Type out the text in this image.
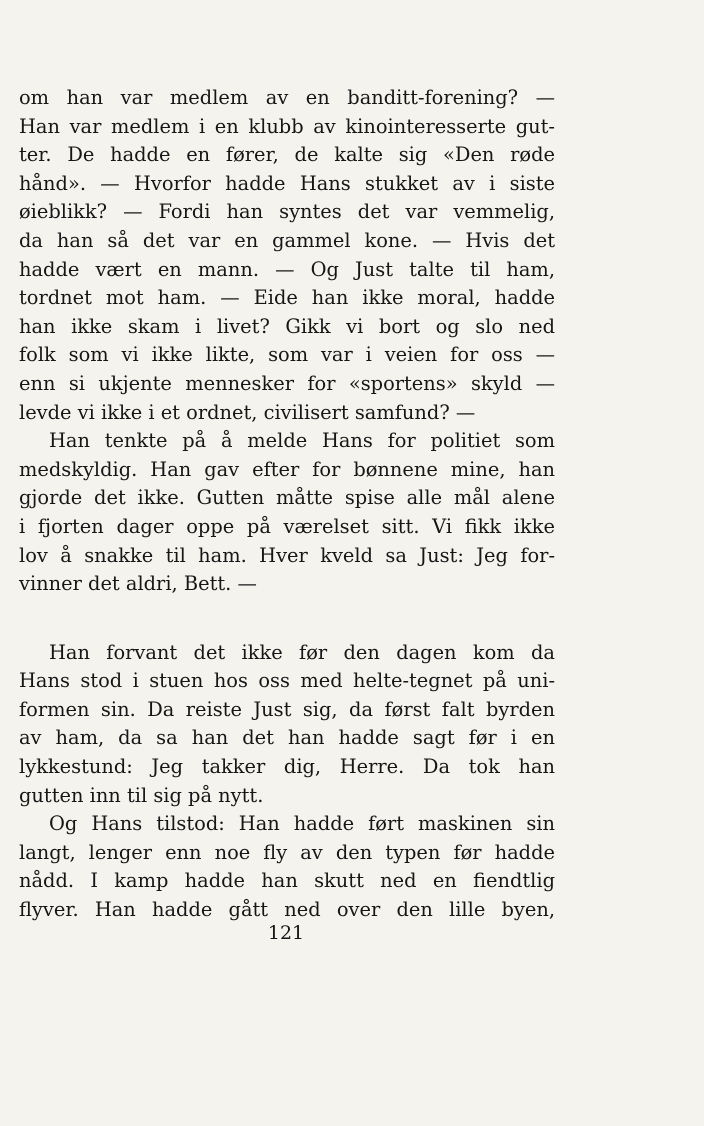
om han var medlem av en banditt-forening? —
Han var medlem i en klubb av kinointeresserte gut-
ter. De hadde en fører, de kalte sig «Den røde
hånd». — Hvorfor hadde Hans stukket av i siste
øieblikk? — Fordi han syntes det var vemmelig,
da han så det var en gammel kone. — Hvis det
hadde vært en mann. — Og Just talte til ham,
tordnet mot ham. — Eide han ikke moral, hadde
han ikke skam i livet? Gikk vi bort og slo ned
folk som vi ikke likte, som var i veien for oss —
enn si ukjente mennesker for «sportens» skyld —
levde vi ikke i et ordnet, civilisert samfund? —
Han tenkte på å melde Hans for politiet som
medskyldig. Han gav efter for bønnene mine, han
gjorde det ikke. Gutten måtte spise alle mål alene
i fjorten dager oppe på værelset sitt. Vi fikk ikke
lov å snakke til ham. Hver kveld sa Just: Jeg for-
vinner det aldri, Bett. —
Han forvant det ikke før den dagen kom da
Hans stod i stuen hos oss med helte-tegnet på uni-
formen sin. Da reiste Just sig, da først falt byrden
av ham, da sa han det han hadde sagt før i en
lykkestund: Jeg takker dig, Herre. Da tok han
gutten inn til sig på nytt.
Og Hans tilstod: Han hadde ført maskinen sin
langt, lenger enn noe fly av den typen før hadde
nådd. I kamp hadde han skutt ned en fiendtlig
flyver. Han hadde gått ned over den lille byen,
121
